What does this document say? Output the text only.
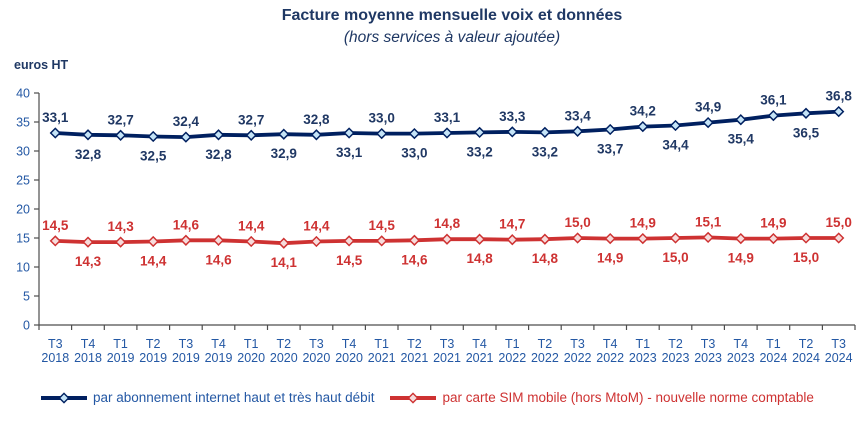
Facture moyenne mensuelle voix et données
(hors services à valeur ajoutée)
euros HT
0
5
10
15
20
25
30
35
40
T3
2018
T4
2018
T1
2019
T2
2019
T3
2019
T4
2019
T1
2020
T2
2020
T3
2020
T4
2020
T1
2021
T2
2021
T3
2021
T4
2021
T1
2022
T2
2022
T3
2022
T4
2022
T1
2023
T2
2023
T3
2023
T4
2023
T1
2024
T2
2024
T3
2024
33,1
32,8
32,7
32,5
32,4
32,8
32,7
32,9
32,8
33,1
33,0
33,0
33,1
33,2
33,3
33,2
33,4
33,7
34,2
34,4
34,9
35,4
36,1
36,5
36,8
14,5
14,3
14,3
14,4
14,6
14,6
14,4
14,1
14,4
14,5
14,5
14,6
14,8
14,8
14,7
14,8
15,0
14,9
14,9
15,0
15,1
14,9
14,9
15,0
15,0
par abonnement internet haut et très haut débit	par carte SIM mobile (hors MtoM) - nouvelle norme comptable
